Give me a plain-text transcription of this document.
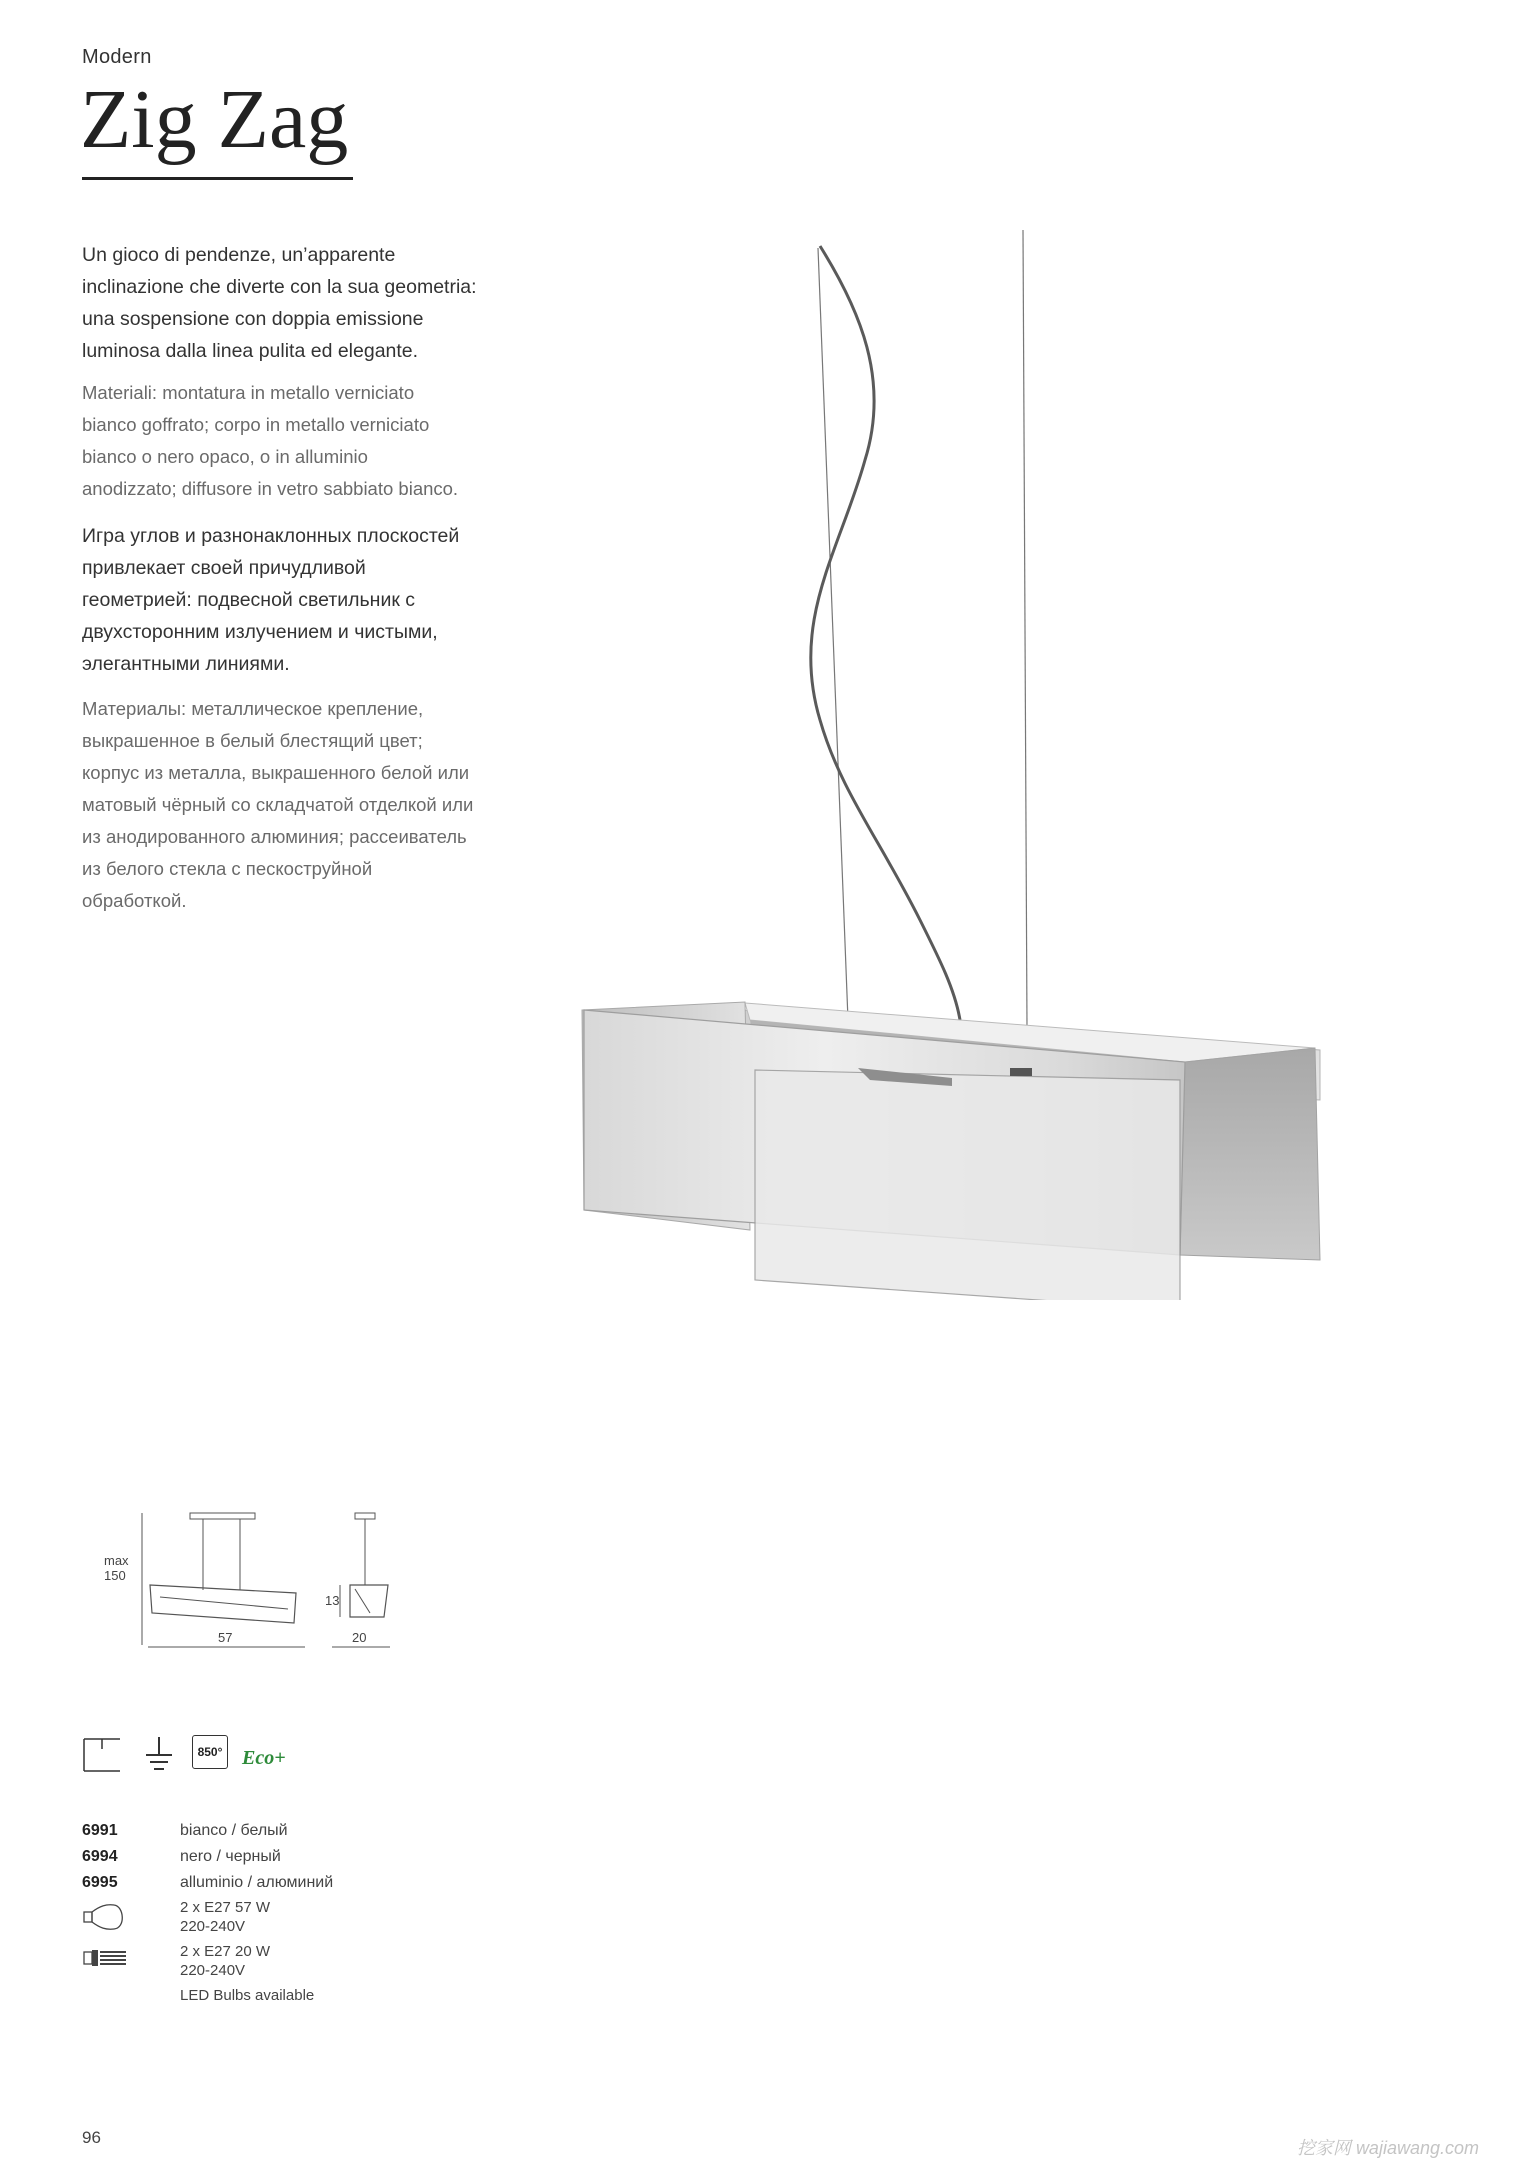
Modern
Zig Zag
Un gioco di pendenze, un’apparente
inclinazione che diverte con la sua geometria:
una sospensione con doppia emissione
luminosa dalla linea pulita ed elegante.
Materiali: montatura in metallo verniciato
bianco goffrato; corpo in metallo verniciato
bianco o nero opaco, o in alluminio
anodizzato; diffusore in vetro sabbiato bianco.
Игра углов и разнонаклонных плоскостей
привлекает своей причудливой
геометрией: подвесной светильник с
двухсторонним излучением и чистыми,
элегантными линиями.
Материалы: металлическое крепление,
выкрашенное в белый блестящий цвет;
корпус из металла, выкрашенного белой или
матовый чёрный со складчатой отделкой или
из анодированного алюминия; рассеиватель
из белого стекла с пескоструйной
обработкой.
max
150
57
13
20
850° Eco+
6991	bianco / белый
6994	nero / черный
6995	alluminio / алюминий
2 x E27 57 W
220-240V
2 x E27 20 W
220-240V
LED Bulbs available
96
挖家网 wajiawang.com
